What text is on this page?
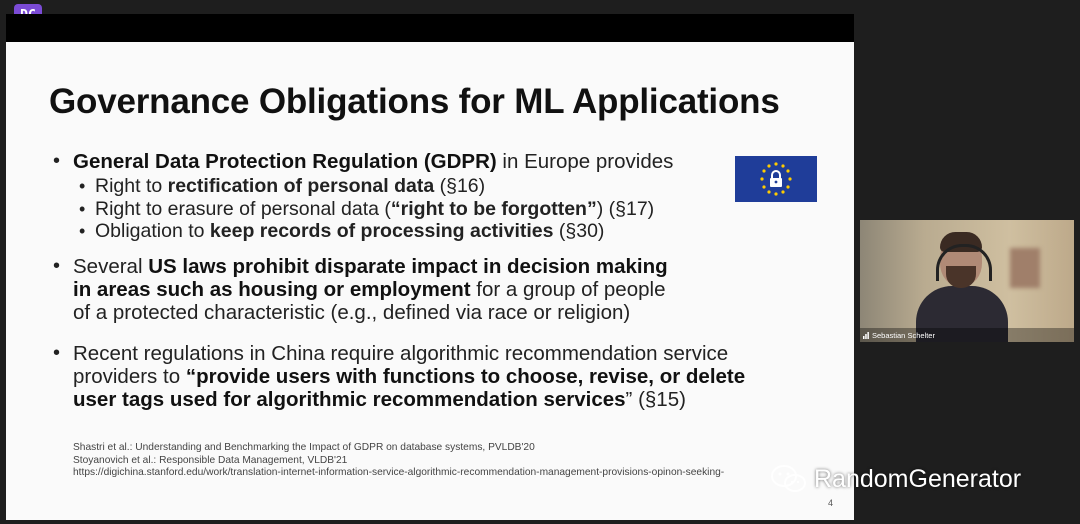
Governance Obligations for ML Applications
• General Data Protection Regulation (GDPR) in Europe provides
• Right to rectification of personal data (§16)
• Right to erasure of personal data (“right to be forgotten”) (§17)
• Obligation to keep records of processing activities (§30)
• Several US laws prohibit disparate impact in decision making
in areas such as housing or employment for a group of people
of a protected characteristic (e.g., defined via race or religion)
• Recent regulations in China require algorithmic recommendation service
providers to “provide users with functions to choose, revise, or delete
user tags used for algorithmic recommendation services” (§15)
Shastri et al.: Understanding and Benchmarking the Impact of GDPR on database systems, PVLDB'20
Stoyanovich et al.: Responsible Data Management, VLDB'21
https://digichina.stanford.edu/work/translation-internet-information-service-algorithmic-recommendation-management-provisions-opinon-seeking-
4
RandomGenerator
Sebastian Schelter
